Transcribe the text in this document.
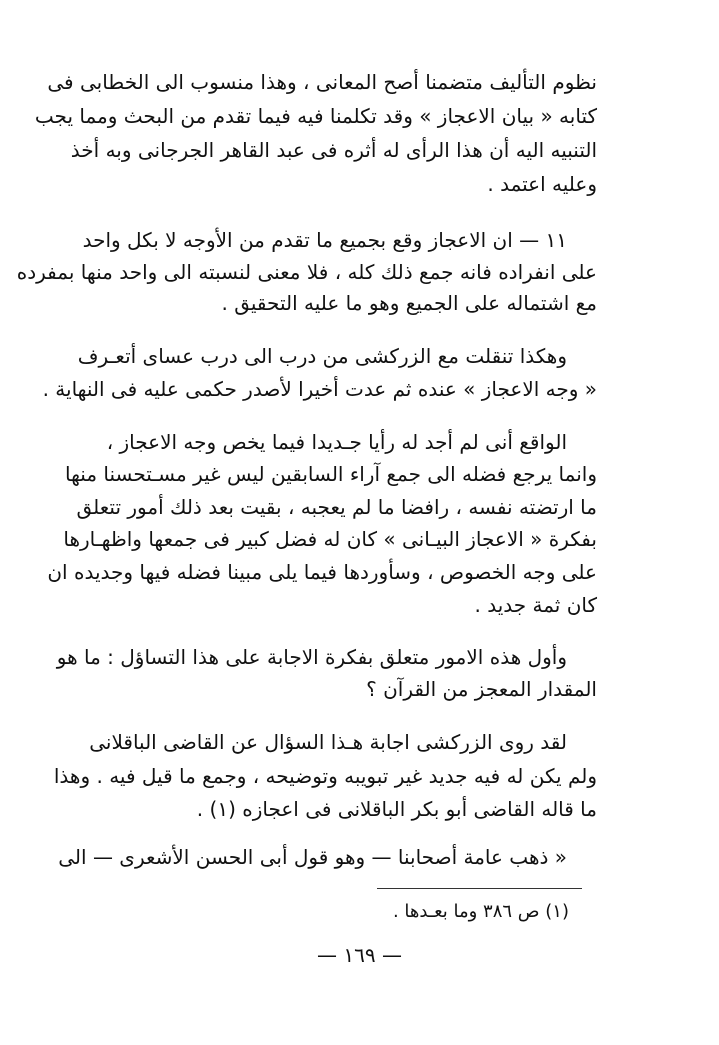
نظوم التأليف متضمنا أصح المعانى ، وهذا منسوب الى الخطابى فى
كتابه « بيان الاعجاز » وقد تكلمنا فيه فيما تقدم من البحث ومما يجب
التنبيه اليه أن هذا الرأى له أثره فى عبد القاهر الجرجانى وبه أخذ
وعليه اعتمد .
١١ — ان الاعجاز وقع بجميع ما تقدم من الأوجه لا بكل واحد
على انفراده فانه جمع ذلك كله ، فلا معنى لنسبته الى واحد منها بمفرده
مع اشتماله على الجميع وهو ما عليه التحقيق .
وهكذا تنقلت مع الزركشى من درب الى درب عساى أتعـرف
« وجه الاعجاز » عنده ثم عدت أخيرا لأصدر حكمى عليه فى النهاية .
الواقع أنى لم أجد له رأيا جـديدا فيما يخص وجه الاعجاز ،
وانما يرجع فضله الى جمع آراء السابقين ليس غير مسـتحسنا منها
ما ارتضته نفسه ، رافضا ما لم يعجبه ، بقيت بعد ذلك أمور تتعلق
بفكرة « الاعجاز البيـانى » كان له فضل كبير فى جمعها واظهـارها
على وجه الخصوص ، وسأوردها فيما يلى مبينا فضله فيها وجديده ان
كان ثمة جديد .
وأول هذه الامور متعلق بفكرة الاجابة على هذا التساؤل : ما هو
المقدار المعجز من القرآن ؟
لقد روى الزركشى اجابة هـذا السؤال عن القاضى الباقلانى
ولم يكن له فيه جديد غير تبويبه وتوضيحه ، وجمع ما قيل فيه . وهذا
ما قاله القاضى أبو بكر الباقلانى فى اعجازه (١) .
« ذهب عامة أصحابنا — وهو قول أبى الحسن الأشعرى — الى
(١) ص ٣٨٦ وما بعـدها .
— ١٦٩ —
